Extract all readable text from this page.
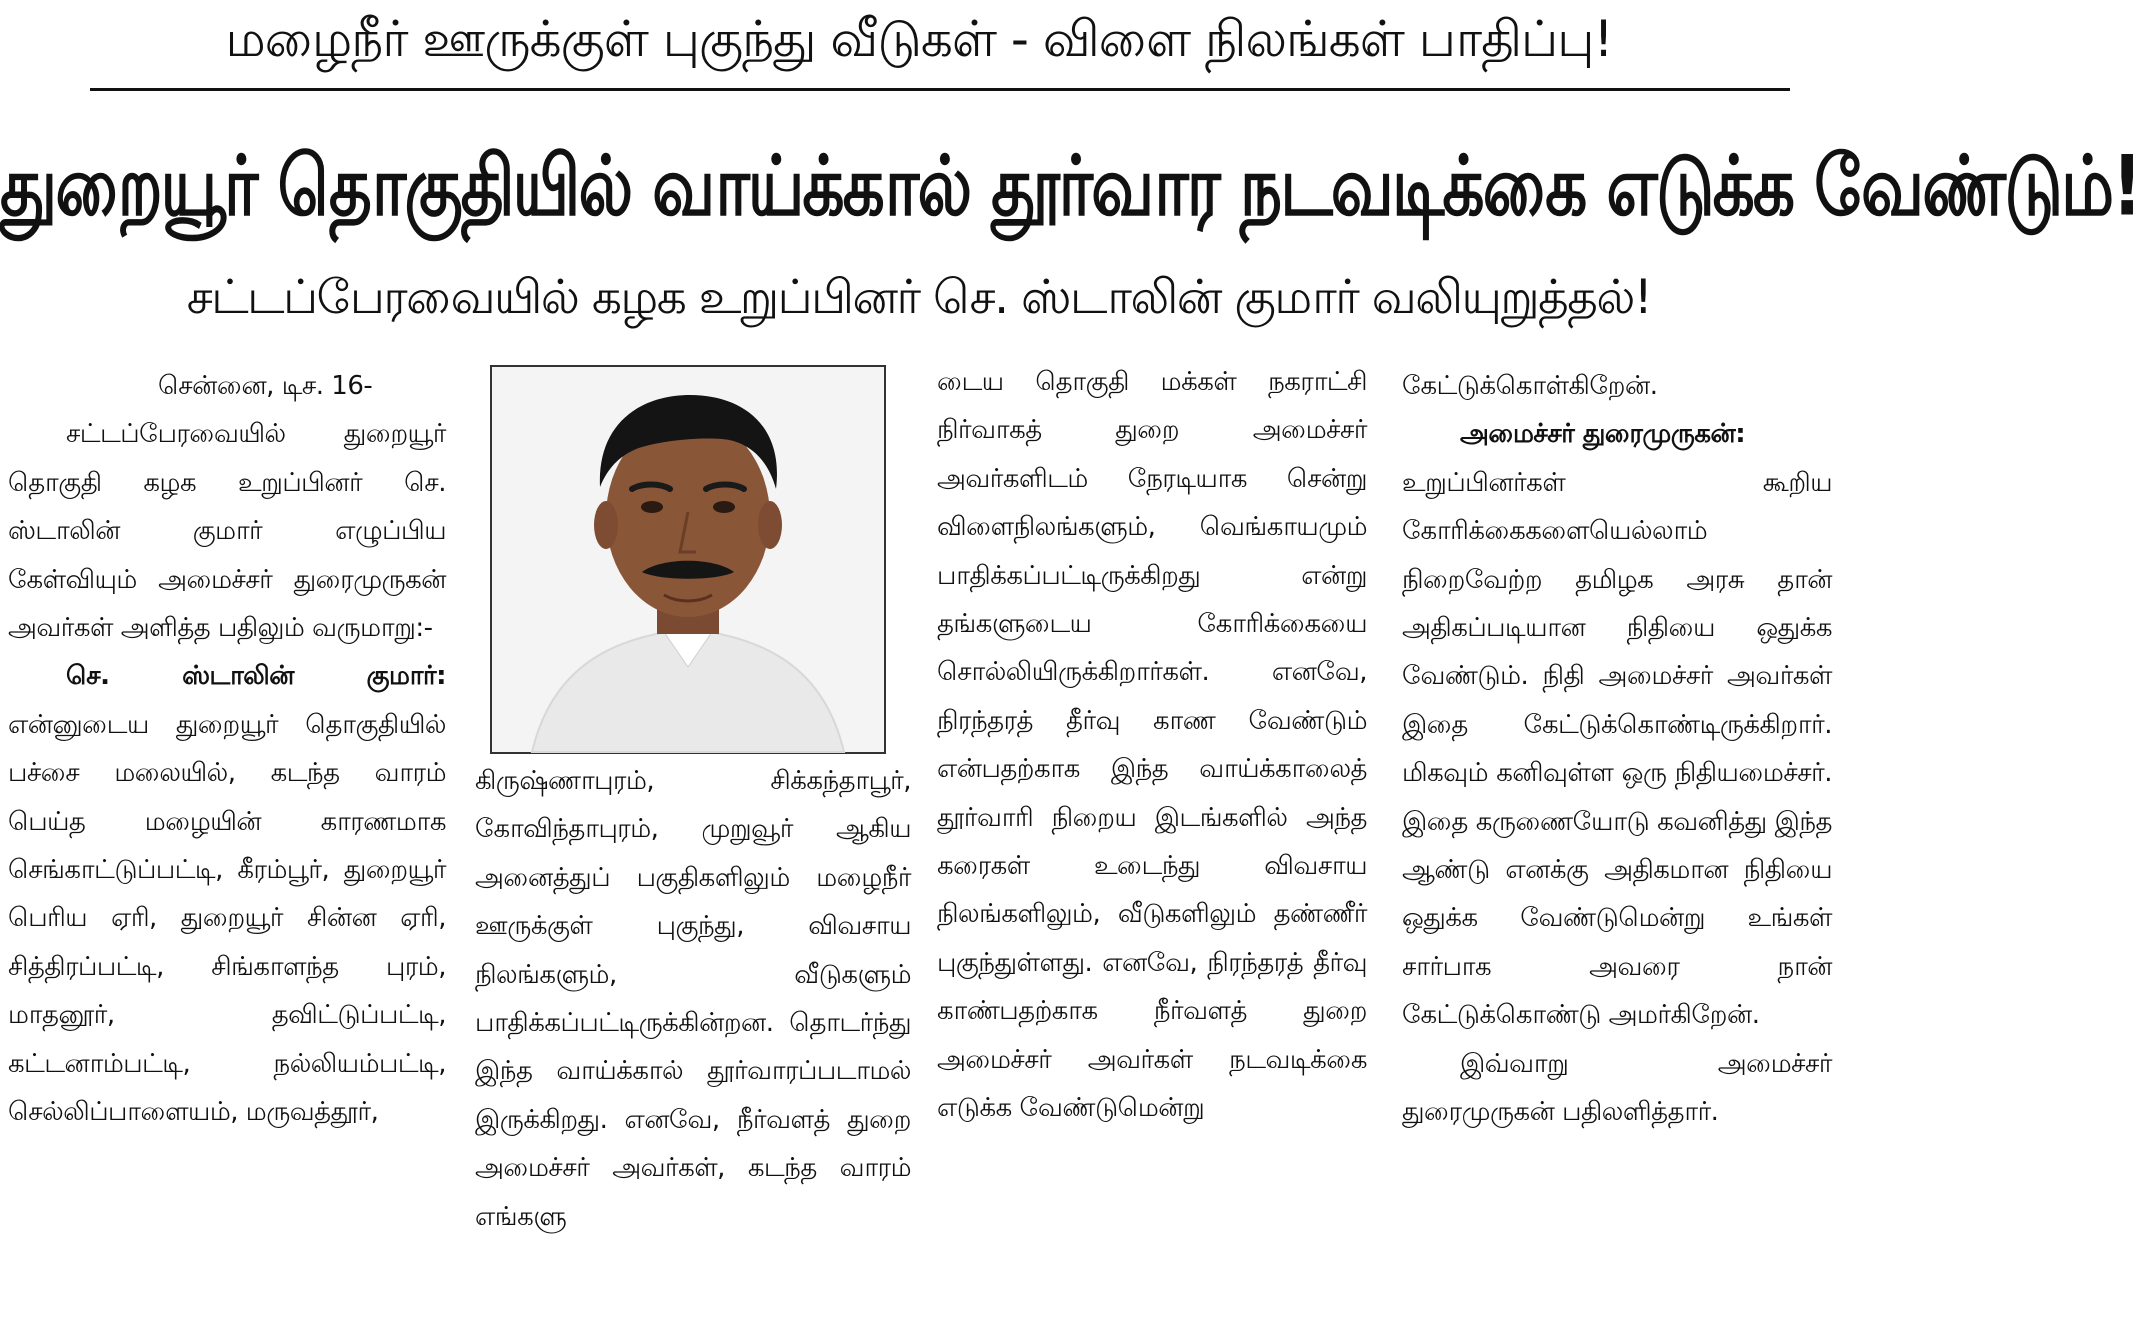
மழைநீர் ஊருக்குள் புகுந்து வீடுகள் - விளை நிலங்கள் பாதிப்பு!
துறையூர் தொகுதியில் வாய்க்கால் தூர்வார நடவடிக்கை எடுக்க வேண்டும்!
சட்டப்பேரவையில் கழக உறுப்பினர் செ. ஸ்டாலின் குமார் வலியுறுத்தல்!

சென்னை, டிச. 16-

சட்டப்பேரவையில் துறையூர் தொகுதி கழக உறுப்பினர் செ. ஸ்டாலின் குமார் எழுப்பிய கேள்வியும் அமைச்சர் துரைமுருகன் அவர்கள் அளித்த பதிலும் வருமாறு:-

செ. ஸ்டாலின் குமார்: என்னுடைய துறையூர் தொகுதியில் பச்சை மலையில், கடந்த வாரம் பெய்த மழையின் காரணமாக செங்காட்டுப்பட்டி, கீரம்பூர், துறையூர் பெரிய ஏரி, துறையூர் சின்ன ஏரி, சித்திரப்பட்டி, சிங்காளந்த புரம், மாதனூர், தவிட்டுப்பட்டி, கட்டனாம்பட்டி, நல்லியம்பட்டி, செல்லிப்பாளையம், மருவத்தூர்,

கிருஷ்ணாபுரம், சிக்கந்தாபூர், கோவிந்தாபுரம், முறுவூர் ஆகிய அனைத்துப் பகுதிகளிலும் மழைநீர் ஊருக்குள் புகுந்து, விவசாய நிலங்களும், வீடுகளும் பாதிக்கப்பட்டிருக்கின்றன. தொடர்ந்து இந்த வாய்க்கால் தூர்வாரப்படாமல் இருக்கிறது. எனவே, நீர்வளத் துறை அமைச்சர் அவர்கள், கடந்த வாரம் எங்களு

டைய தொகுதி மக்கள் நகராட்சி நிர்வாகத் துறை அமைச்சர் அவர்களிடம் நேரடியாக சென்று விளைநிலங்களும், வெங்காயமும் பாதிக்கப்பட்டிருக்கிறது என்று தங்களுடைய கோரிக்கையை சொல்லியிருக்கிறார்கள். எனவே, நிரந்தரத் தீர்வு காண வேண்டும் என்பதற்காக இந்த வாய்க்காலைத் தூர்வாரி நிறைய இடங்களில் அந்த கரைகள் உடைந்து விவசாய நிலங்களிலும், வீடுகளிலும் தண்ணீர் புகுந்துள்ளது. எனவே, நிரந்தரத் தீர்வு காண்பதற்காக நீர்வளத் துறை அமைச்சர் அவர்கள் நடவடிக்கை எடுக்க வேண்டுமென்று

கேட்டுக்கொள்கிறேன்.

அமைச்சர் துரைமுருகன்:

உறுப்பினர்கள் கூறிய கோரிக்கைகளையெல்லாம் நிறைவேற்ற தமிழக அரசு தான் அதிகப்படியான நிதியை ஒதுக்க வேண்டும். நிதி அமைச்சர் அவர்கள் இதை கேட்டுக்கொண்டிருக்கிறார். மிகவும் கனிவுள்ள ஒரு நிதியமைச்சர். இதை கருணையோடு கவனித்து இந்த ஆண்டு எனக்கு அதிகமான நிதியை ஒதுக்க வேண்டுமென்று உங்கள் சார்பாக அவரை நான் கேட்டுக்கொண்டு அமர்கிறேன்.

இவ்வாறு அமைச்சர் துரைமுருகன் பதிலளித்தார்.
